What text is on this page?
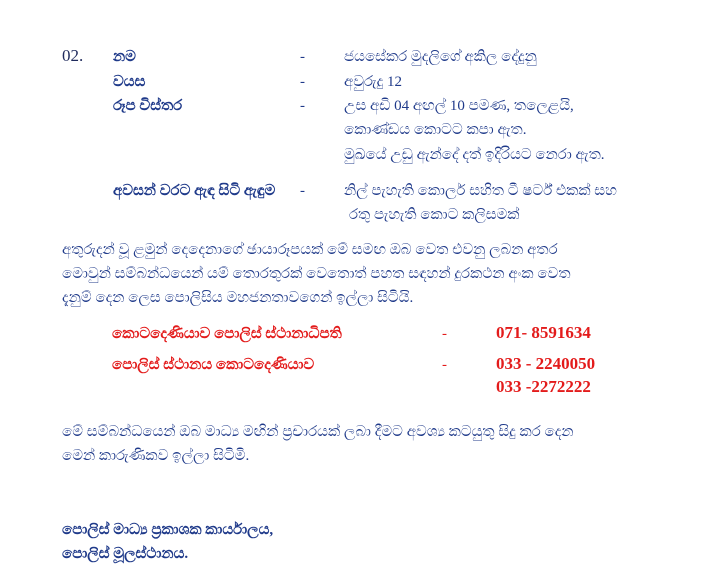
02. නම	-	ජයසේකර මුදලිගේ අකිල දේදුනු
වයස	-	අවුරුදු 12
රූප විස්තර	-	උස අඩි 04 අඟල් 10 පමණ, තලෙළයි,
කොණ්ඩය කොටට කපා ඇත.
මුඛයේ උඩු ඇන්දේ දත් ඉදිරියට නෙරා ඇත.
අවසන් වරට ඇඳ සිටි ඇඳුම -	නිල් පැහැති කොලර් සහිත ටී ෂර්ට් එකක් සහ
රතු පැහැති කොට කලිසමක්
අතුරුදන් වූ ළමුන් දෙදෙනාගේ ඡායාරූපයක් මේ සමඟ ඔබ වෙත එවනු ලබන අතර
මොවුන් සම්බන්ධයෙන් යම් තොරතුරක් වෙතොත් පහත සඳහන් දුරකථන අංක වෙත
දැනුම් දෙන ලෙස පොලිසිය මහජනතාවගෙන් ඉල්ලා සිටියි.
කොටදෙණියාව පොලිස් ස්ථානාධිපති	-	071- 8591634
පොලිස් ස්ථානය කොටදෙණියාව	-	033 - 2240050
033 -2272222
මේ සම්බන්ධයෙන් ඔබ මාධ්‍ය මඟින් ප්‍රචාරයක් ලබා දීමට අවශ්‍ය කටයුතු සිදු කර දෙන
මෙන් කාරුණිකව ඉල්ලා සිටිමි.
පොලිස් මාධ්‍ය ප්‍රකාශක කාර්යාලය,
පොලිස් මූලස්ථානය.
